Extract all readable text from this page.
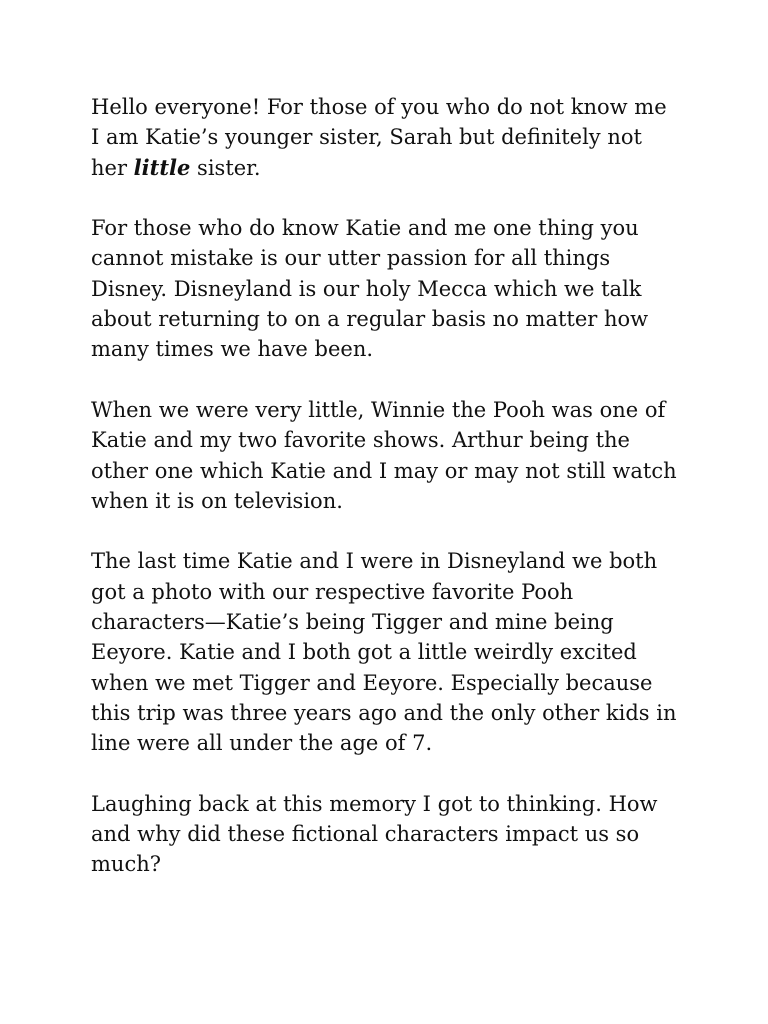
Hello everyone! For those of you who do not know me
I am Katie’s younger sister, Sarah but definitely not
her little sister.

For those who do know Katie and me one thing you
cannot mistake is our utter passion for all things
Disney. Disneyland is our holy Mecca which we talk
about returning to on a regular basis no matter how
many times we have been.

When we were very little, Winnie the Pooh was one of
Katie and my two favorite shows. Arthur being the
other one which Katie and I may or may not still watch
when it is on television.

The last time Katie and I were in Disneyland we both
got a photo with our respective favorite Pooh
characters—Katie’s being Tigger and mine being
Eeyore. Katie and I both got a little weirdly excited
when we met Tigger and Eeyore. Especially because
this trip was three years ago and the only other kids in
line were all under the age of 7.

Laughing back at this memory I got to thinking. How
and why did these fictional characters impact us so
much?
